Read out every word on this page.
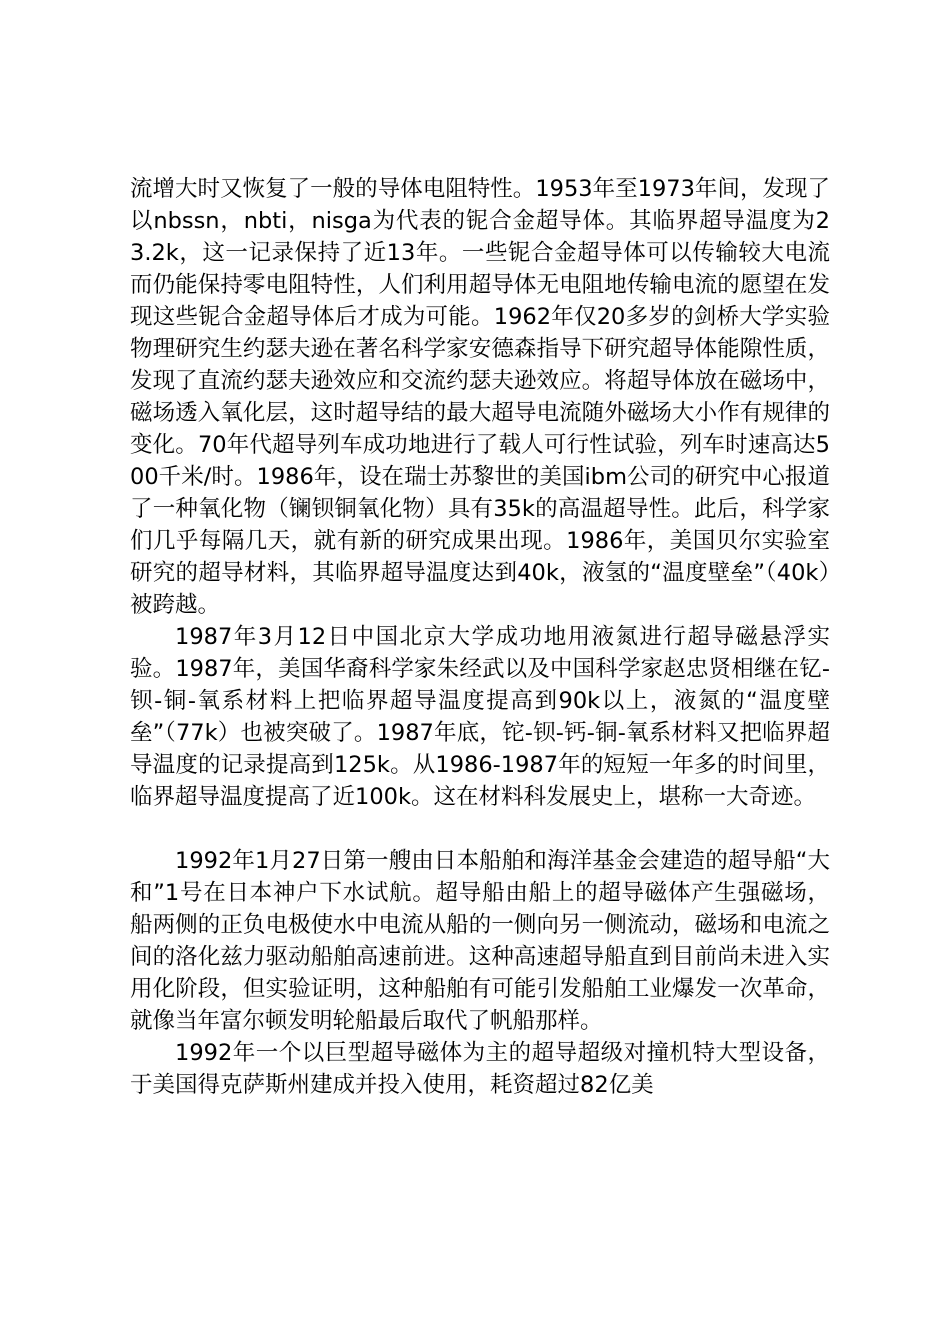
流增大时又恢复了一般的导体电阻特性。1953年至1973年间，发现了以nbssn，nbti，nisga为代表的铌合金超导体。其临界超导温度为23.2k，这一记录保持了近13年。一些铌合金超导体可以传输较大电流而仍能保持零电阻特性，人们利用超导体无电阻地传输电流的愿望在发现这些铌合金超导体后才成为可能。1962年仅20多岁的剑桥大学实验物理研究生约瑟夫逊在著名科学家安德森指导下研究超导体能隙性质，发现了直流约瑟夫逊效应和交流约瑟夫逊效应。将超导体放在磁场中，磁场透入氧化层，这时超导结的最大超导电流随外磁场大小作有规律的变化。70年代超导列车成功地进行了载人可行性试验，列车时速高达500千米/时。1986年，设在瑞士苏黎世的美国ibm公司的研究中心报道了一种氧化物（镧钡铜氧化物）具有35k的高温超导性。此后，科学家们几乎每隔几天，就有新的研究成果出现。1986年，美国贝尔实验室研究的超导材料，其临界超导温度达到40k，液氢的“温度壁垒”（40k）被跨越。

1987年3月12日中国北京大学成功地用液氮进行超导磁悬浮实验。1987年，美国华裔科学家朱经武以及中国科学家赵忠贤相继在钇-钡-铜-氧系材料上把临界超导温度提高到90k以上，液氮的“温度壁垒”（77k）也被突破了。1987年底，铊-钡-钙-铜-氧系材料又把临界超导温度的记录提高到125k。从1986-1987年的短短一年多的时间里，临界超导温度提高了近100k。这在材料科发展史上，堪称一大奇迹。

1992年1月27日第一艘由日本船舶和海洋基金会建造的超导船“大和”1号在日本神户下水试航。超导船由船上的超导磁体产生强磁场，船两侧的正负电极使水中电流从船的一侧向另一侧流动，磁场和电流之间的洛化兹力驱动船舶高速前进。这种高速超导船直到目前尚未进入实用化阶段，但实验证明，这种船舶有可能引发船舶工业爆发一次革命，就像当年富尔顿发明轮船最后取代了帆船那样。

1992年一个以巨型超导磁体为主的超导超级对撞机特大型设备，于美国得克萨斯州建成并投入使用，耗资超过82亿美
